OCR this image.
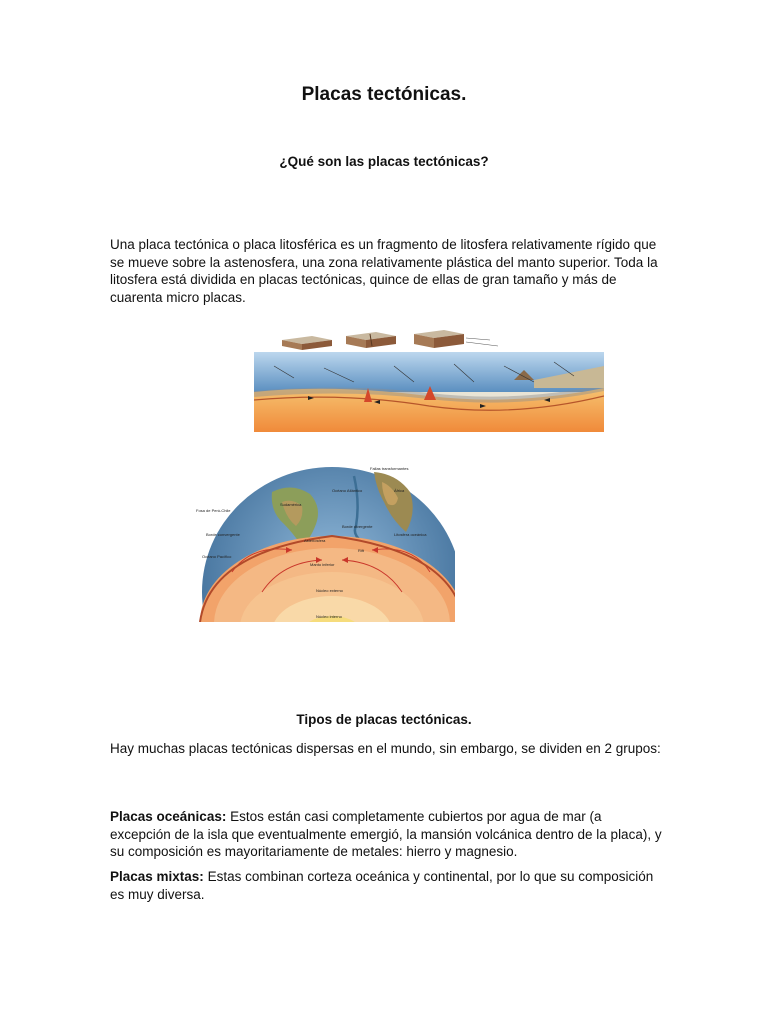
Placas tectónicas.
¿Qué son las placas tectónicas?
Una placa tectónica o placa litosférica es un fragmento de litosfera relativamente rígido que se mueve sobre la astenosfera, una zona relativamente plástica del manto superior. Toda la litosfera está dividida en placas tectónicas, quince de ellas de gran tamaño y más de cuarenta micro placas.
Fallas transformantes
Sudamérica
Océano Atlántico	África
Fosa de Perú-Chile
Borde convergente
Borde divergente
Litosfera oceánica
Astenosfera
Rift
Océano Pacífico
Manto inferior
Núcleo externo
Núcleo interno
Tipos de placas tectónicas.
Hay muchas placas tectónicas dispersas en el mundo, sin embargo, se dividen en 2 grupos:
Placas oceánicas: Estos están casi completamente cubiertos por agua de mar (a excepción de la isla que eventualmente emergió, la mansión volcánica dentro de la placa), y su composición es mayoritariamente de metales: hierro y magnesio.
Placas mixtas: Estas combinan corteza oceánica y continental, por lo que su composición es muy diversa.
